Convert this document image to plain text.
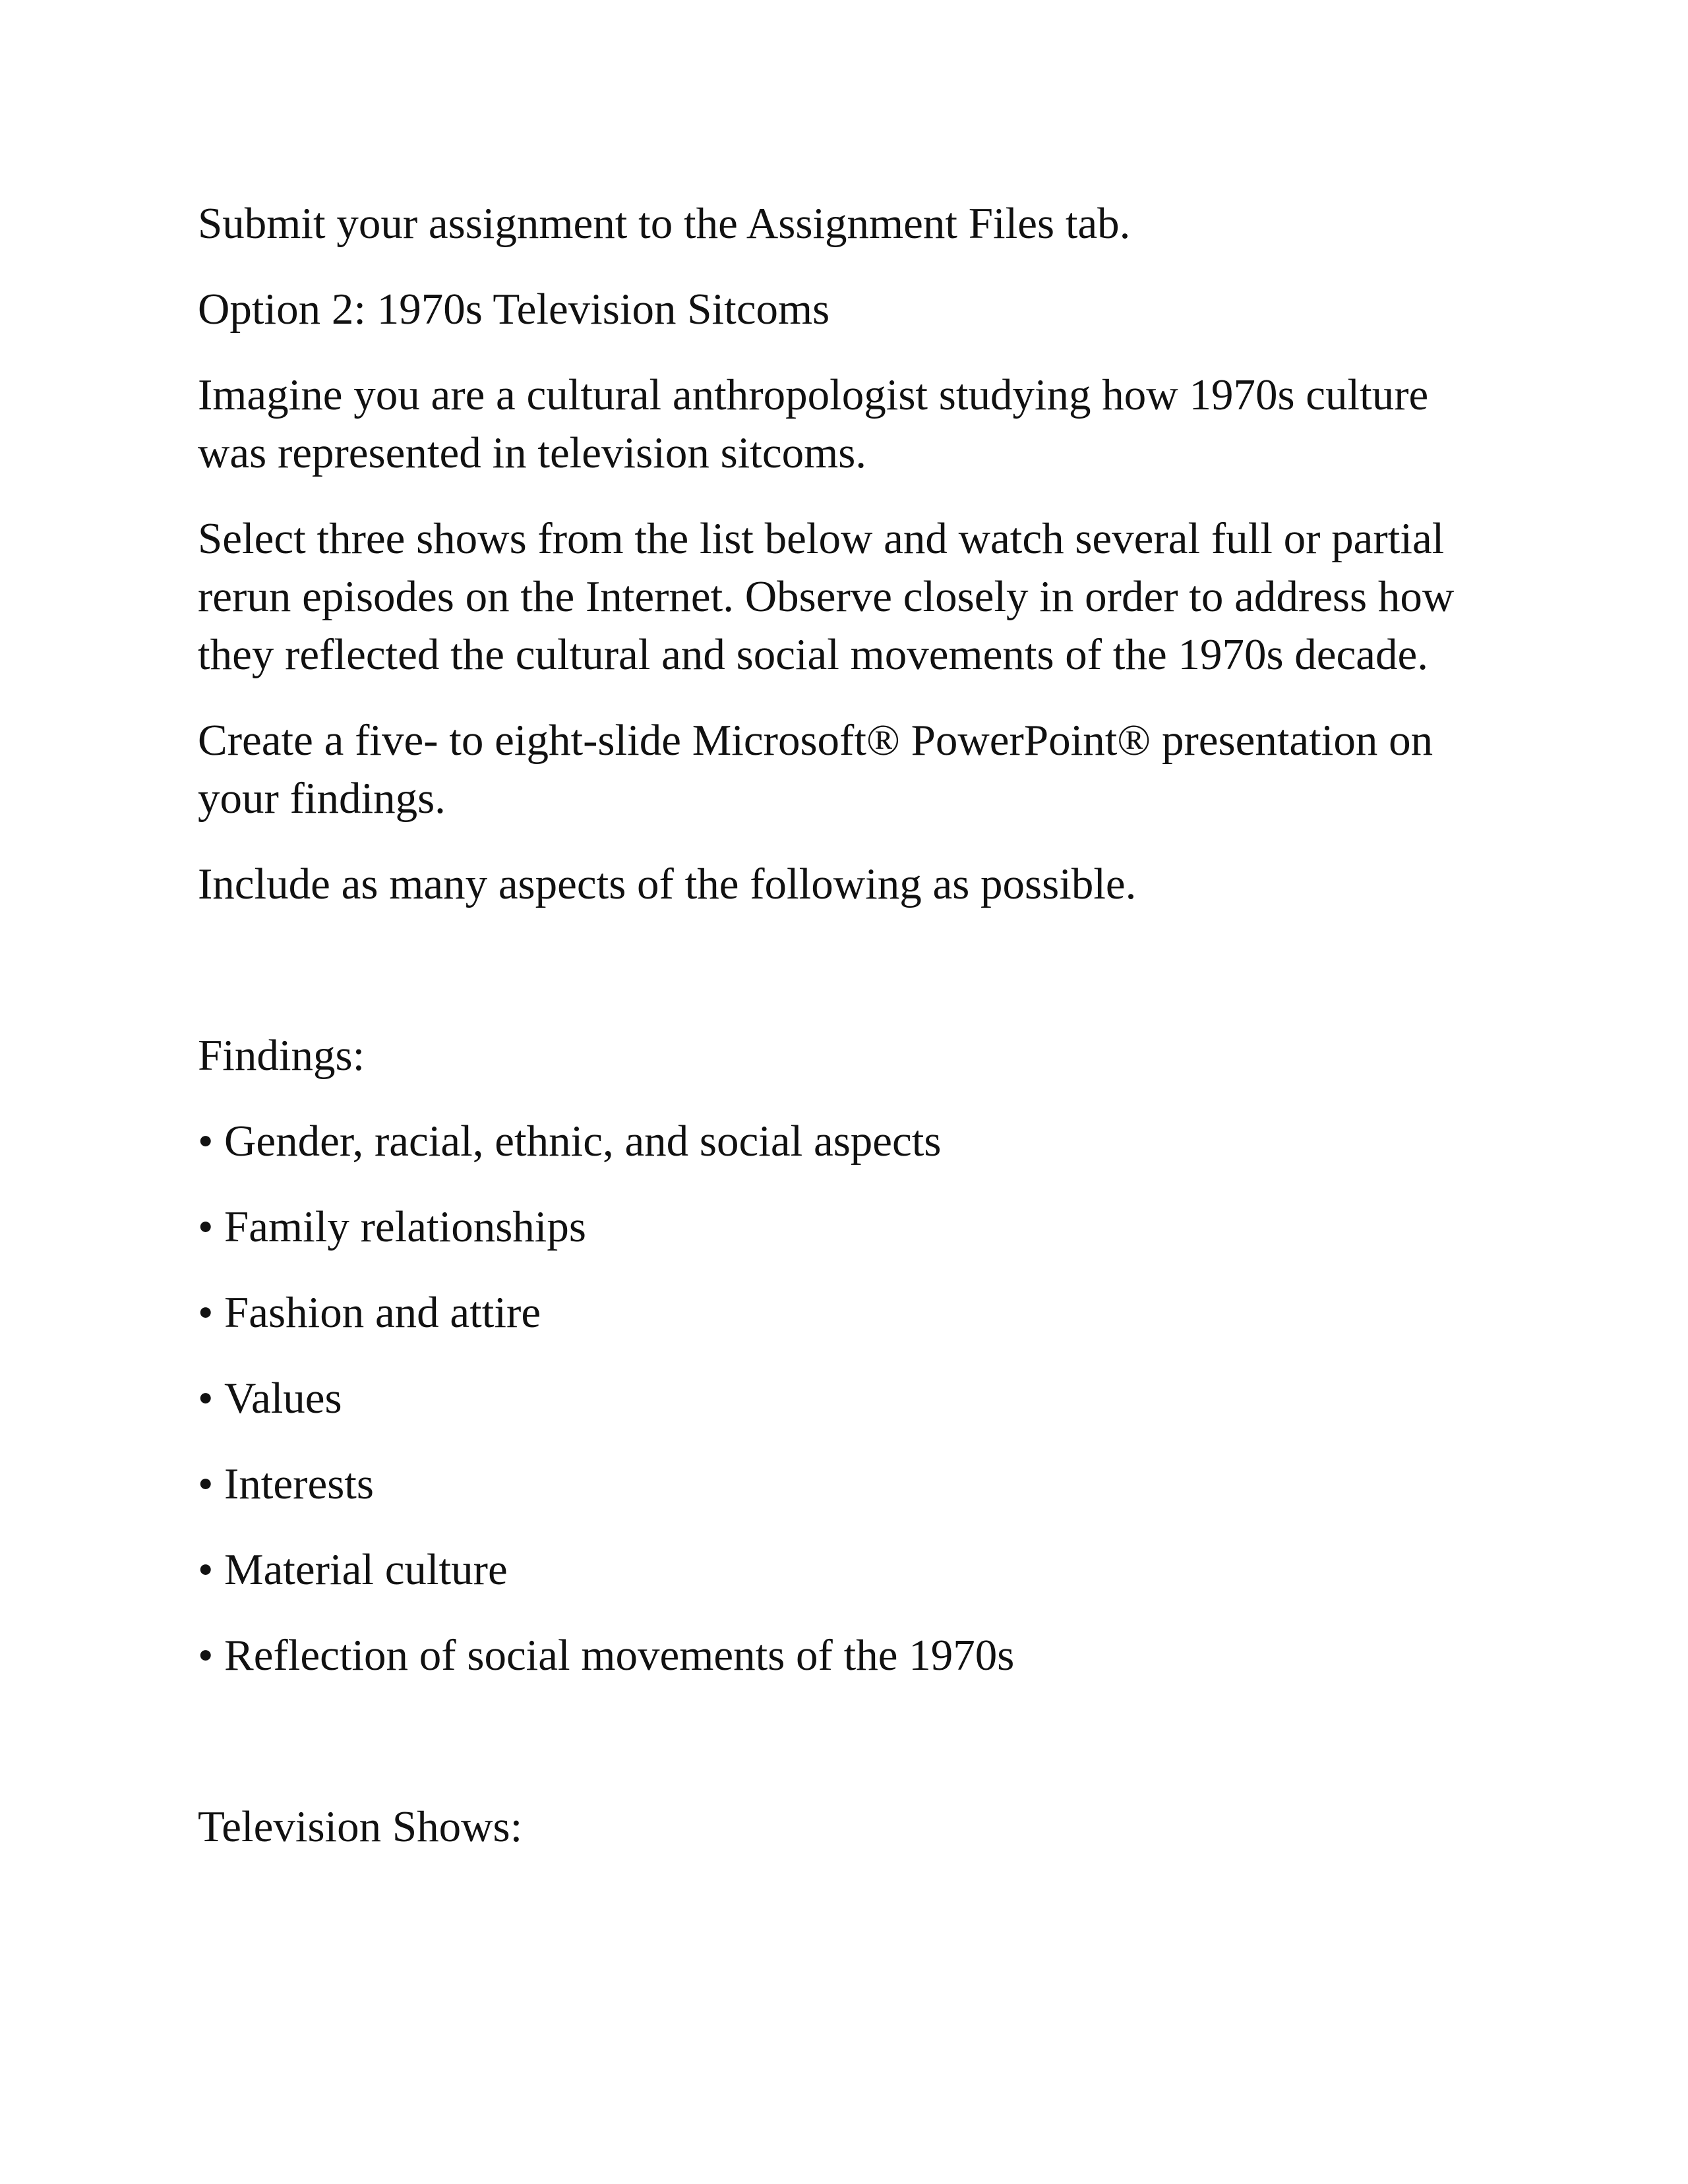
Submit your assignment to the Assignment Files tab.

Option 2: 1970s Television Sitcoms

Imagine you are a cultural anthropologist studying how 1970s culture was represented in television sitcoms.

Select three shows from the list below and watch several full or partial rerun episodes on the Internet. Observe closely in order to address how they reflected the cultural and social movements of the 1970s decade.

Create a five- to eight-slide Microsoft® PowerPoint® presentation on your findings.

Include as many aspects of the following as possible.

Findings:

• Gender, racial, ethnic, and social aspects
• Family relationships
• Fashion and attire
• Values
• Interests
• Material culture
• Reflection of social movements of the 1970s

Television Shows:
